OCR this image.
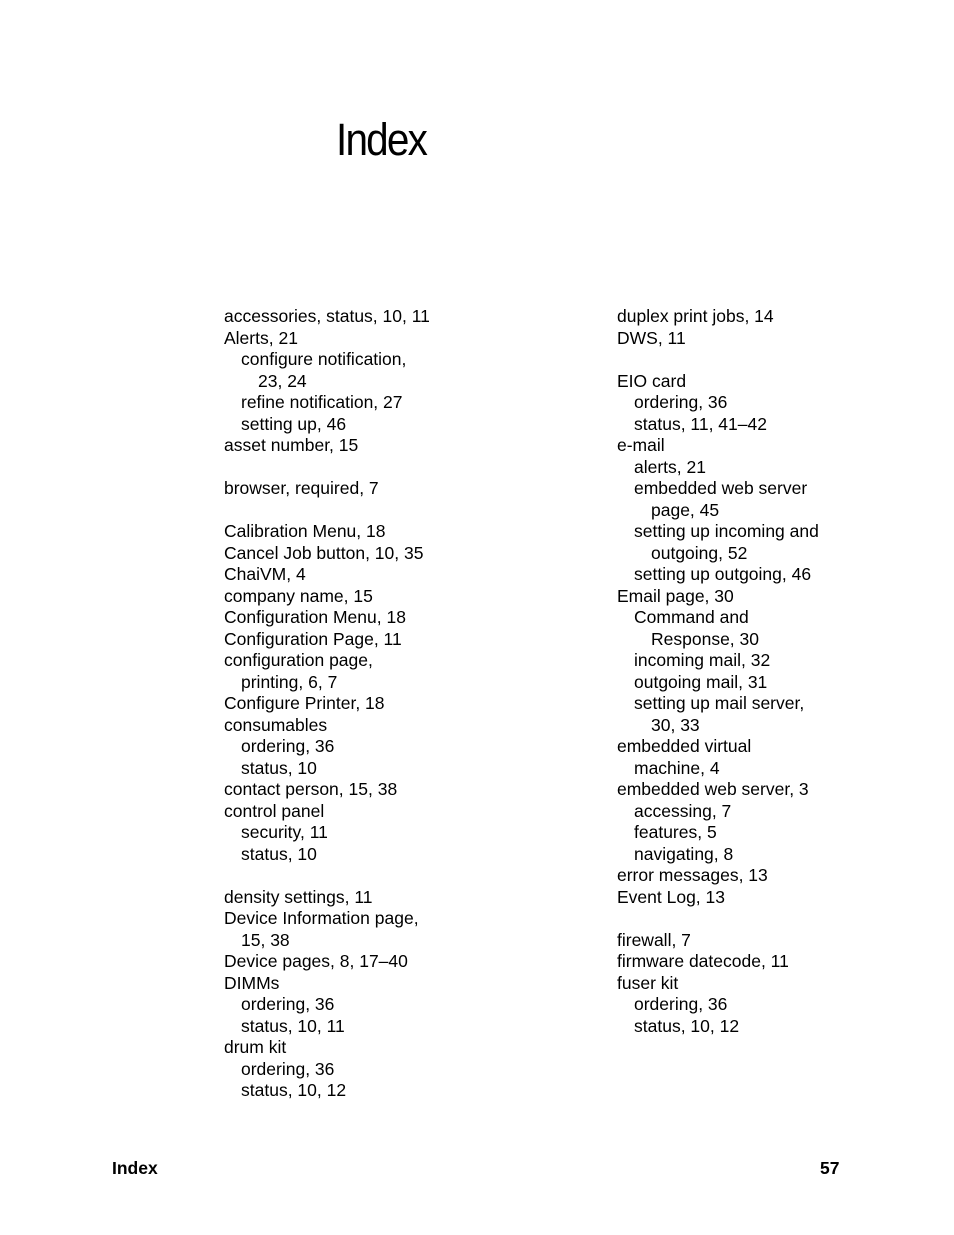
Index
accessories, status, 10, 11
Alerts, 21
configure notification,
23, 24
refine notification, 27
setting up, 46
asset number, 15
browser, required, 7
Calibration Menu, 18
Cancel Job button, 10, 35
ChaiVM, 4
company name, 15
Configuration Menu, 18
Configuration Page, 11
configuration page,
printing, 6, 7
Configure Printer, 18
consumables
ordering, 36
status, 10
contact person, 15, 38
control panel
security, 11
status, 10
density settings, 11
Device Information page,
15, 38
Device pages, 8, 17–40
DIMMs
ordering, 36
status, 10, 11
drum kit
ordering, 36
status, 10, 12
duplex print jobs, 14
DWS, 11
EIO card
ordering, 36
status, 11, 41–42
e-mail
alerts, 21
embedded web server
page, 45
setting up incoming and
outgoing, 52
setting up outgoing, 46
Email page, 30
Command and
Response, 30
incoming mail, 32
outgoing mail, 31
setting up mail server,
30, 33
embedded virtual
machine, 4
embedded web server, 3
accessing, 7
features, 5
navigating, 8
error messages, 13
Event Log, 13
firewall, 7
firmware datecode, 11
fuser kit
ordering, 36
status, 10, 12
Index	57
